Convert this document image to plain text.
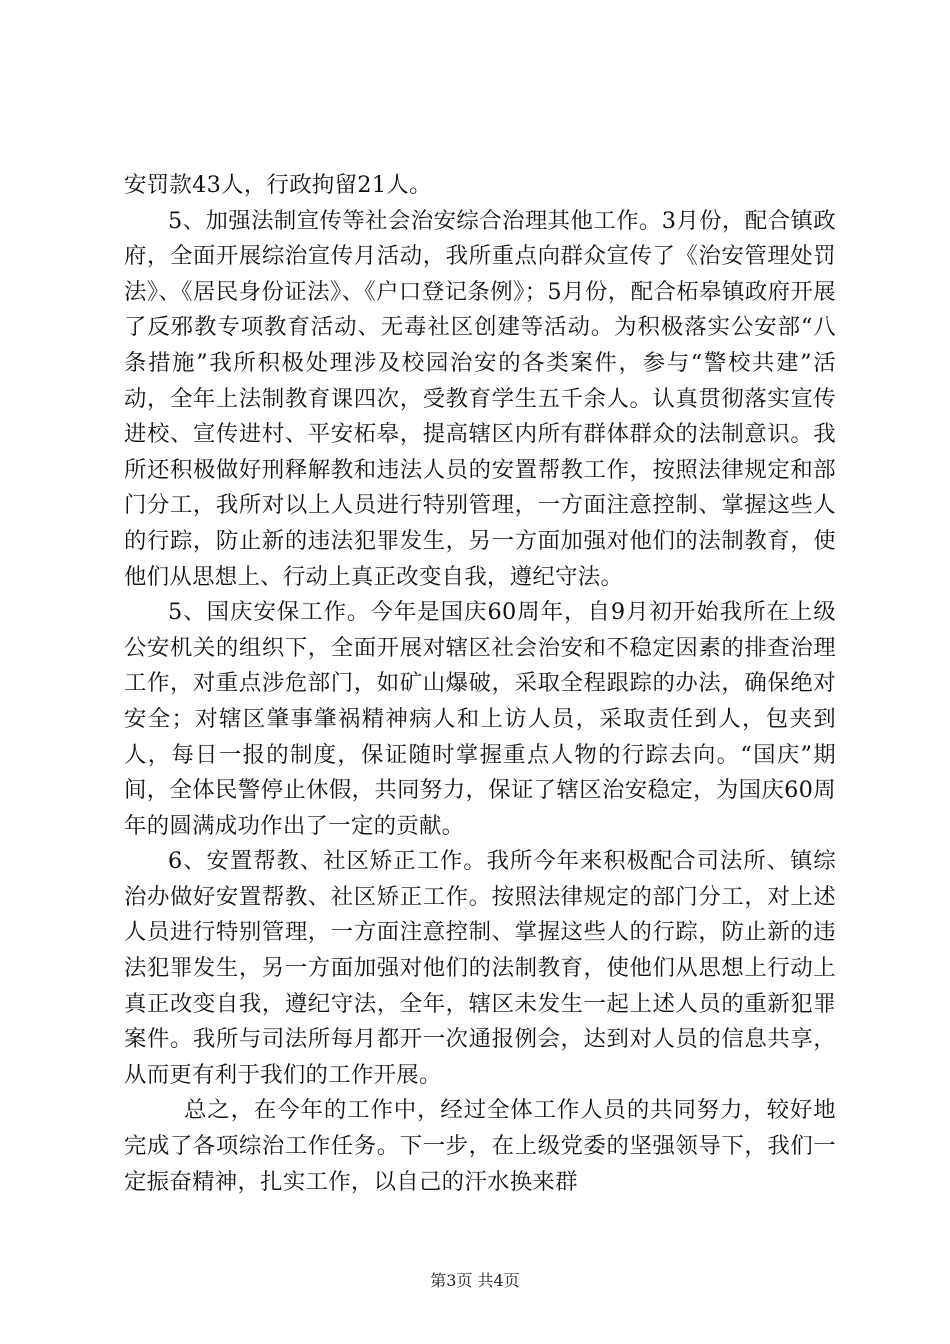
安罚款43人，行政拘留21人。

5、加强法制宣传等社会治安综合治理其他工作。3月份，配合镇政府，全面开展综治宣传月活动，我所重点向群众宣传了《治安管理处罚法》、《居民身份证法》、《户口登记条例》；5月份，配合柘皋镇政府开展了反邪教专项教育活动、无毒社区创建等活动。为积极落实公安部“八条措施”我所积极处理涉及校园治安的各类案件，参与“警校共建”活动，全年上法制教育课四次，受教育学生五千余人。认真贯彻落实宣传进校、宣传进村、平安柘皋，提高辖区内所有群体群众的法制意识。我所还积极做好刑释解教和违法人员的安置帮教工作，按照法律规定和部门分工，我所对以上人员进行特别管理，一方面注意控制、掌握这些人的行踪，防止新的违法犯罪发生，另一方面加强对他们的法制教育，使他们从思想上、行动上真正改变自我，遵纪守法。

5、国庆安保工作。今年是国庆60周年，自9月初开始我所在上级公安机关的组织下，全面开展对辖区社会治安和不稳定因素的排查治理工作，对重点涉危部门，如矿山爆破，采取全程跟踪的办法，确保绝对安全；对辖区肇事肇祸精神病人和上访人员，采取责任到人，包夹到人，每日一报的制度，保证随时掌握重点人物的行踪去向。“国庆”期间，全体民警停止休假，共同努力，保证了辖区治安稳定，为国庆60周年的圆满成功作出了一定的贡献。

6、安置帮教、社区矫正工作。我所今年来积极配合司法所、镇综治办做好安置帮教、社区矫正工作。按照法律规定的部门分工，对上述人员进行特别管理，一方面注意控制、掌握这些人的行踪，防止新的违法犯罪发生，另一方面加强对他们的法制教育，使他们从思想上行动上真正改变自我，遵纪守法，全年，辖区未发生一起上述人员的重新犯罪案件。我所与司法所每月都开一次通报例会，达到对人员的信息共享，从而更有利于我们的工作开展。

总之，在今年的工作中，经过全体工作人员的共同努力，较好地完成了各项综治工作任务。下一步，在上级党委的坚强领导下，我们一定振奋精神，扎实工作，以自己的汗水换来群

第3页 共4页
